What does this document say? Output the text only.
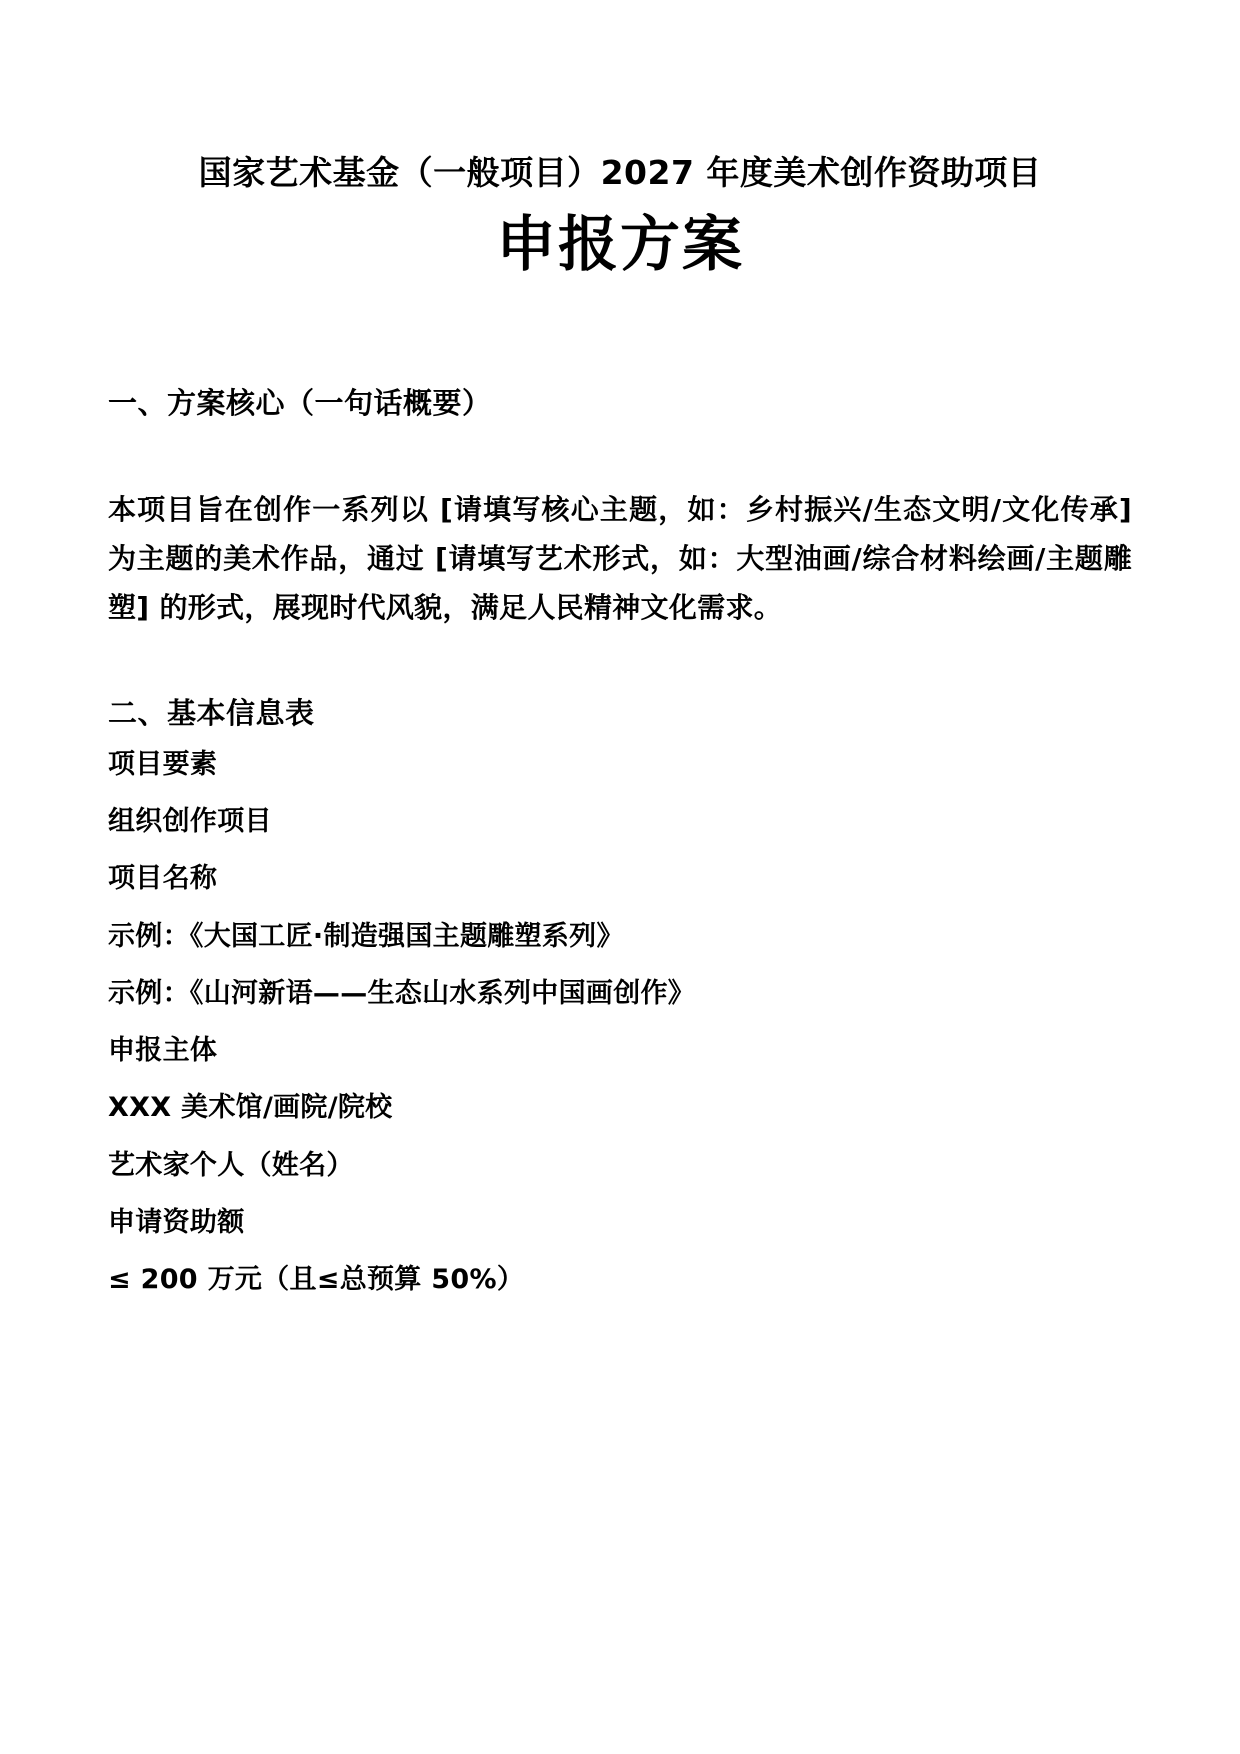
国家艺术基金（一般项目）2027 年度美术创作资助项目
申报方案
一、方案核心（一句话概要）

本项目旨在创作一系列以 [请填写核心主题，如：乡村振兴/生态文明/文化传承] 为主题的美术作品，通过 [请填写艺术形式，如：大型油画/综合材料绘画/主题雕塑] 的形式，展现时代风貌，满足人民精神文化需求。

二、基本信息表
项目要素
组织创作项目
项目名称
示例：《大国工匠·制造强国主题雕塑系列》
示例：《山河新语——生态山水系列中国画创作》
申报主体
XXX 美术馆/画院/院校
艺术家个人（姓名）
申请资助额
≤ 200 万元（且≤总预算 50%）
